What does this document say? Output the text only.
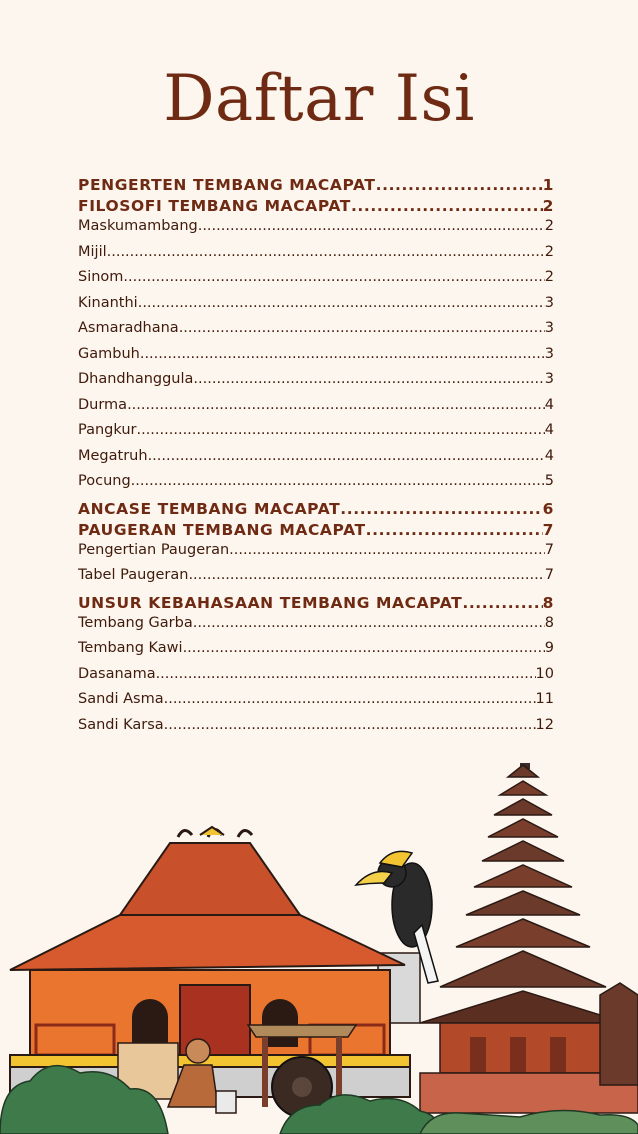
Daftar Isi
PENGERTEN TEMBANG MACAPAT .....	1
FILOSOFI TEMBANG MACAPAT .....	2
Maskumambang .....	2
Mijil .....	2
Sinom .....	2
Kinanthi .....	3
Asmaradhana .....	3
Gambuh .....	3
Dhandhanggula .....	3
Durma .....	4
Pangkur .....	4
Megatruh .....	4
Pocung .....	5
ANCASE TEMBANG MACAPAT .....	6
PAUGERAN TEMBANG MACAPAT .....	7
Pengertian Paugeran .....	7
Tabel Paugeran .....	7
UNSUR KEBAHASAAN TEMBANG MACAPAT .....	8
Tembang Garba .....	8
Tembang Kawi .....	9
Dasanama .....	10
Sandi Asma .....	11
Sandi Karsa .....	12
